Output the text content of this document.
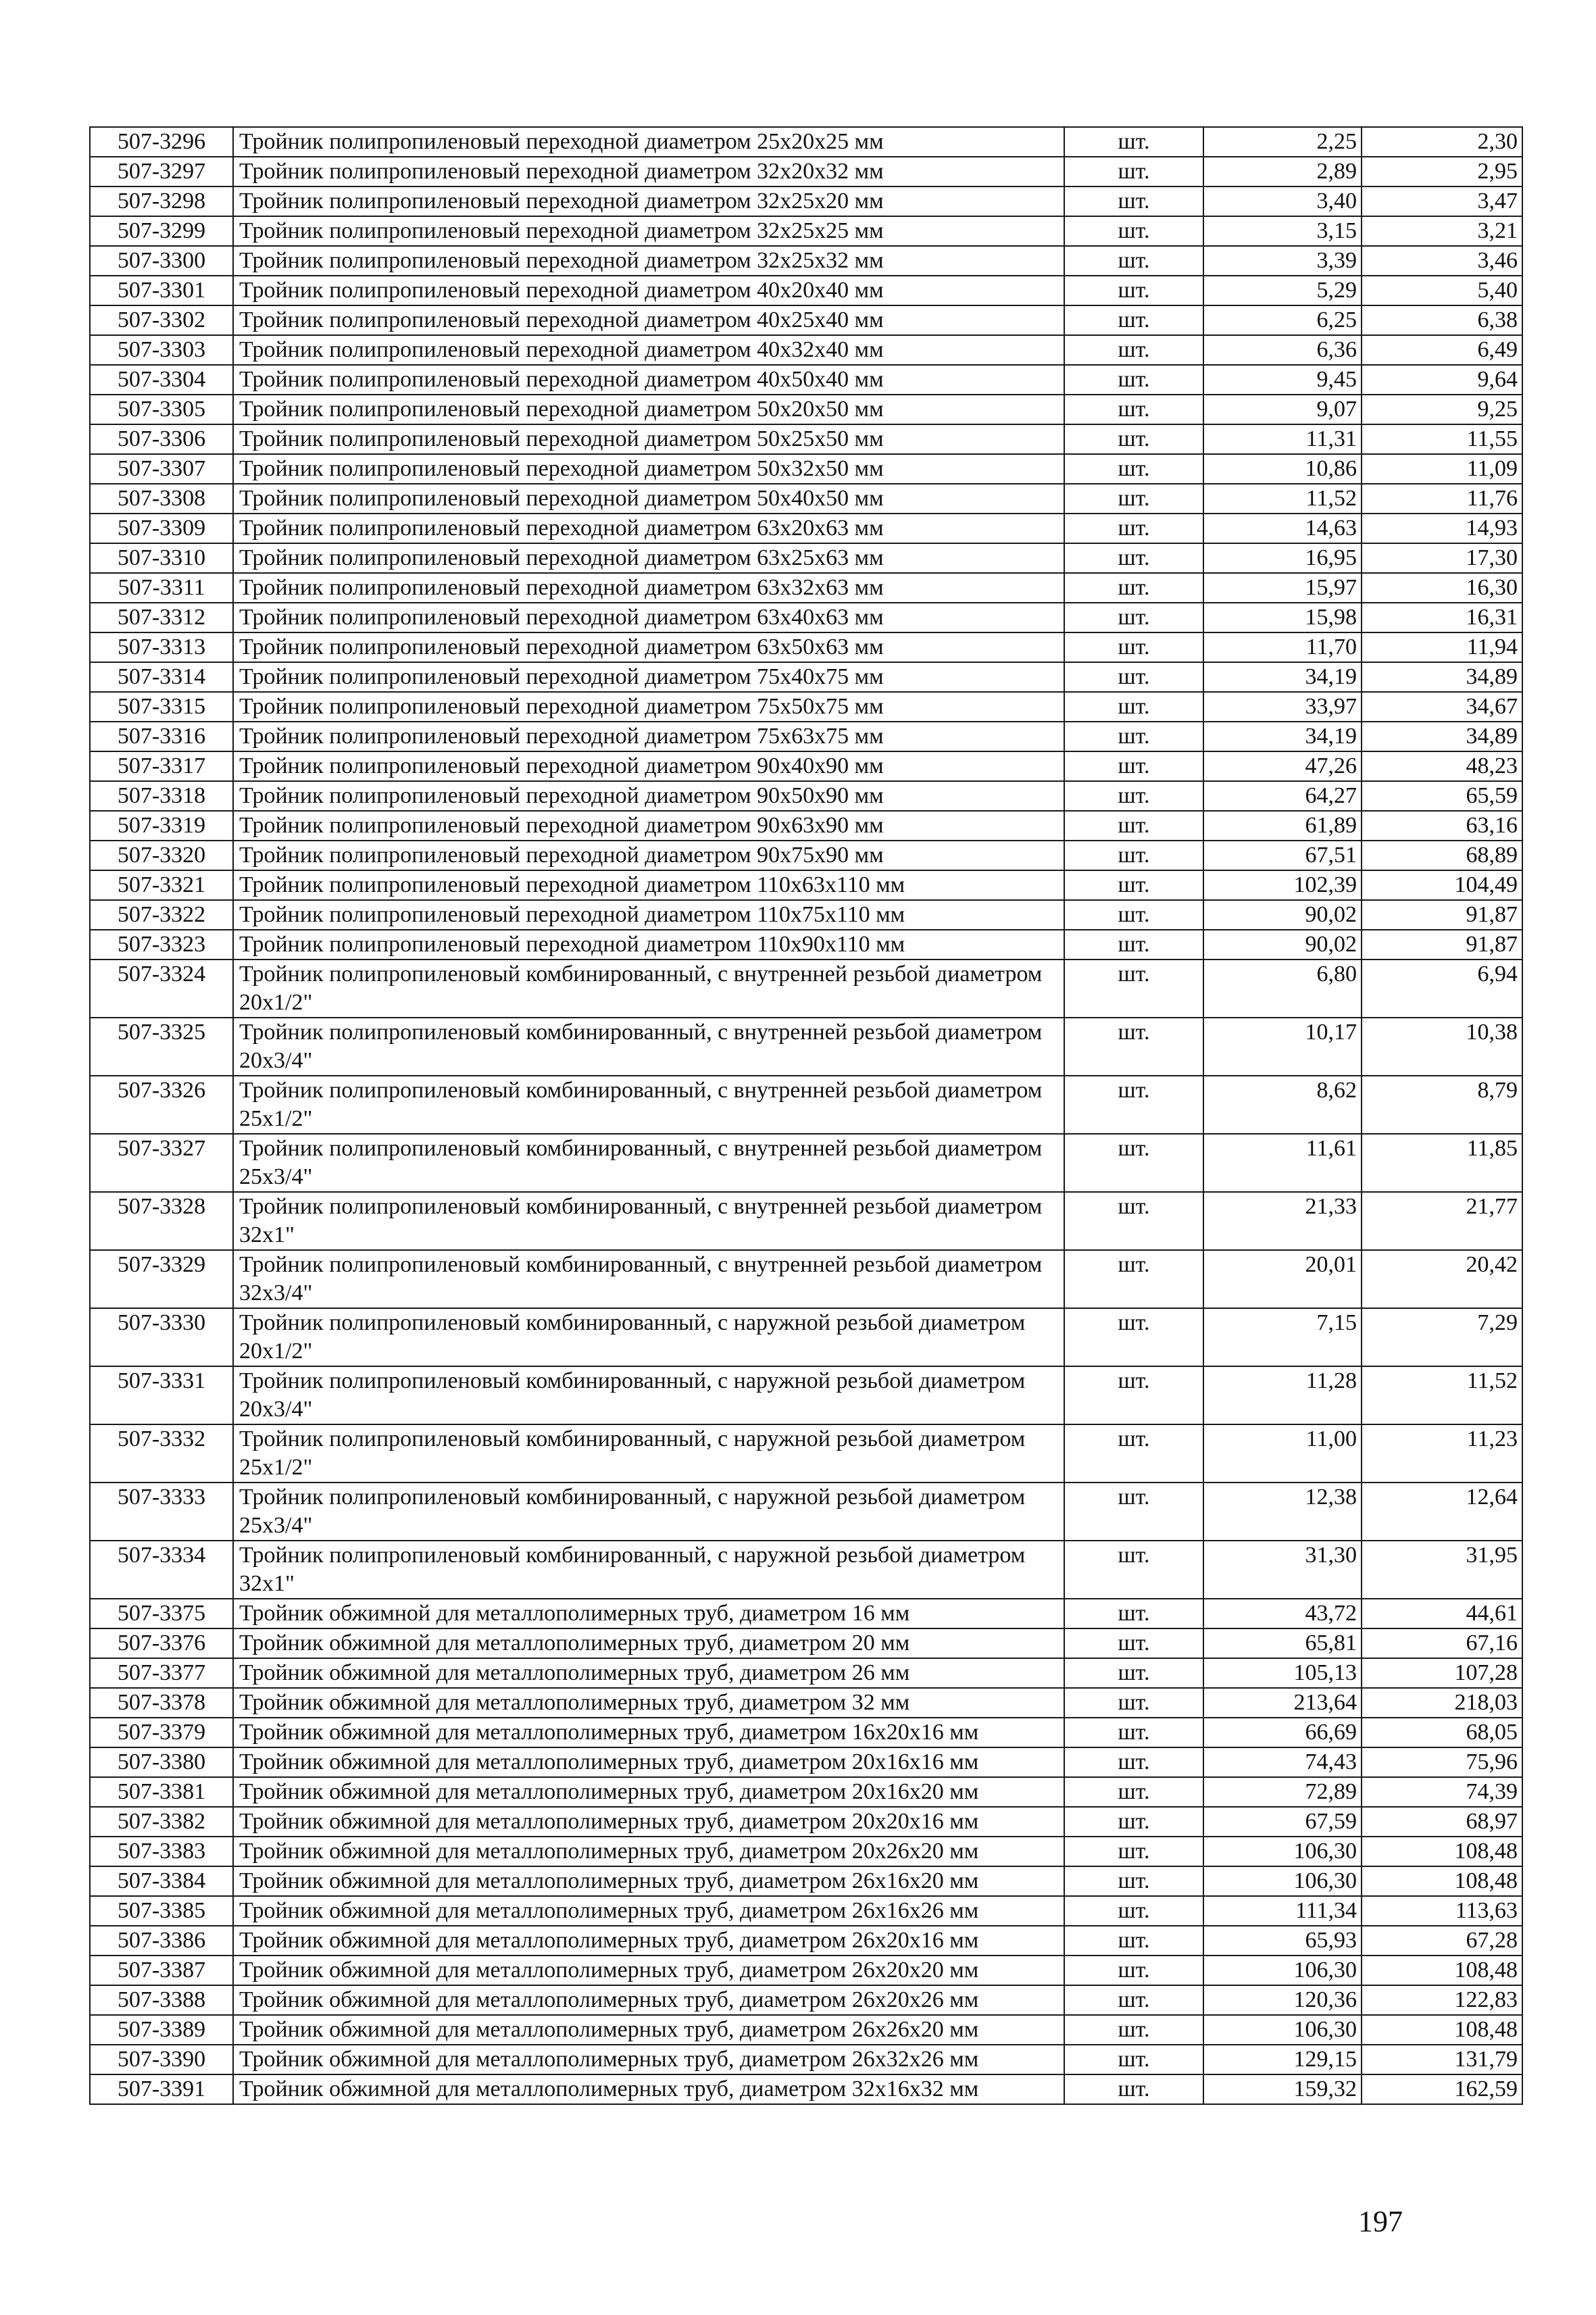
507-3296	Тройник полипропиленовый переходной диаметром 25х20х25 мм	шт.	2,25	2,30
507-3297	Тройник полипропиленовый переходной диаметром 32х20х32 мм	шт.	2,89	2,95
507-3298	Тройник полипропиленовый переходной диаметром 32х25х20 мм	шт.	3,40	3,47
507-3299	Тройник полипропиленовый переходной диаметром 32х25х25 мм	шт.	3,15	3,21
507-3300	Тройник полипропиленовый переходной диаметром 32х25х32 мм	шт.	3,39	3,46
507-3301	Тройник полипропиленовый переходной диаметром 40х20х40 мм	шт.	5,29	5,40
507-3302	Тройник полипропиленовый переходной диаметром 40х25х40 мм	шт.	6,25	6,38
507-3303	Тройник полипропиленовый переходной диаметром 40х32х40 мм	шт.	6,36	6,49
507-3304	Тройник полипропиленовый переходной диаметром 40х50х40 мм	шт.	9,45	9,64
507-3305	Тройник полипропиленовый переходной диаметром 50х20х50 мм	шт.	9,07	9,25
507-3306	Тройник полипропиленовый переходной диаметром 50х25х50 мм	шт.	11,31	11,55
507-3307	Тройник полипропиленовый переходной диаметром 50х32х50 мм	шт.	10,86	11,09
507-3308	Тройник полипропиленовый переходной диаметром 50х40х50 мм	шт.	11,52	11,76
507-3309	Тройник полипропиленовый переходной диаметром 63х20х63 мм	шт.	14,63	14,93
507-3310	Тройник полипропиленовый переходной диаметром 63х25х63 мм	шт.	16,95	17,30
507-3311	Тройник полипропиленовый переходной диаметром 63х32х63 мм	шт.	15,97	16,30
507-3312	Тройник полипропиленовый переходной диаметром 63х40х63 мм	шт.	15,98	16,31
507-3313	Тройник полипропиленовый переходной диаметром 63х50х63 мм	шт.	11,70	11,94
507-3314	Тройник полипропиленовый переходной диаметром 75х40х75 мм	шт.	34,19	34,89
507-3315	Тройник полипропиленовый переходной диаметром 75х50х75 мм	шт.	33,97	34,67
507-3316	Тройник полипропиленовый переходной диаметром 75х63х75 мм	шт.	34,19	34,89
507-3317	Тройник полипропиленовый переходной диаметром 90х40х90 мм	шт.	47,26	48,23
507-3318	Тройник полипропиленовый переходной диаметром 90х50х90 мм	шт.	64,27	65,59
507-3319	Тройник полипропиленовый переходной диаметром 90х63х90 мм	шт.	61,89	63,16
507-3320	Тройник полипропиленовый переходной диаметром 90х75х90 мм	шт.	67,51	68,89
507-3321	Тройник полипропиленовый переходной диаметром 110х63х110 мм	шт.	102,39	104,49
507-3322	Тройник полипропиленовый переходной диаметром 110х75х110 мм	шт.	90,02	91,87
507-3323	Тройник полипропиленовый переходной диаметром 110х90х110 мм	шт.	90,02	91,87
507-3324	Тройник полипропиленовый комбинированный, с внутренней резьбой диаметром 20х1/2"	шт.	6,80	6,94
507-3325	Тройник полипропиленовый комбинированный, с внутренней резьбой диаметром 20х3/4"	шт.	10,17	10,38
507-3326	Тройник полипропиленовый комбинированный, с внутренней резьбой диаметром 25х1/2"	шт.	8,62	8,79
507-3327	Тройник полипропиленовый комбинированный, с внутренней резьбой диаметром 25х3/4"	шт.	11,61	11,85
507-3328	Тройник полипропиленовый комбинированный, с внутренней резьбой диаметром 32х1"	шт.	21,33	21,77
507-3329	Тройник полипропиленовый комбинированный, с внутренней резьбой диаметром 32х3/4"	шт.	20,01	20,42
507-3330	Тройник полипропиленовый комбинированный, с наружной резьбой диаметром 20х1/2"	шт.	7,15	7,29
507-3331	Тройник полипропиленовый комбинированный, с наружной резьбой диаметром 20х3/4"	шт.	11,28	11,52
507-3332	Тройник полипропиленовый комбинированный, с наружной резьбой диаметром 25х1/2"	шт.	11,00	11,23
507-3333	Тройник полипропиленовый комбинированный, с наружной резьбой диаметром 25х3/4"	шт.	12,38	12,64
507-3334	Тройник полипропиленовый комбинированный, с наружной резьбой диаметром 32х1"	шт.	31,30	31,95
507-3375	Тройник обжимной для металлополимерных труб, диаметром 16 мм	шт.	43,72	44,61
507-3376	Тройник обжимной для металлополимерных труб, диаметром 20 мм	шт.	65,81	67,16
507-3377	Тройник обжимной для металлополимерных труб, диаметром 26 мм	шт.	105,13	107,28
507-3378	Тройник обжимной для металлополимерных труб, диаметром 32 мм	шт.	213,64	218,03
507-3379	Тройник обжимной для металлополимерных труб, диаметром 16х20х16 мм	шт.	66,69	68,05
507-3380	Тройник обжимной для металлополимерных труб, диаметром 20х16х16 мм	шт.	74,43	75,96
507-3381	Тройник обжимной для металлополимерных труб, диаметром 20х16х20 мм	шт.	72,89	74,39
507-3382	Тройник обжимной для металлополимерных труб, диаметром 20х20х16 мм	шт.	67,59	68,97
507-3383	Тройник обжимной для металлополимерных труб, диаметром 20х26х20 мм	шт.	106,30	108,48
507-3384	Тройник обжимной для металлополимерных труб, диаметром 26х16х20 мм	шт.	106,30	108,48
507-3385	Тройник обжимной для металлополимерных труб, диаметром 26х16х26 мм	шт.	111,34	113,63
507-3386	Тройник обжимной для металлополимерных труб, диаметром 26х20х16 мм	шт.	65,93	67,28
507-3387	Тройник обжимной для металлополимерных труб, диаметром 26х20х20 мм	шт.	106,30	108,48
507-3388	Тройник обжимной для металлополимерных труб, диаметром 26х20х26 мм	шт.	120,36	122,83
507-3389	Тройник обжимной для металлополимерных труб, диаметром 26х26х20 мм	шт.	106,30	108,48
507-3390	Тройник обжимной для металлополимерных труб, диаметром 26х32х26 мм	шт.	129,15	131,79
507-3391	Тройник обжимной для металлополимерных труб, диаметром 32х16х32 мм	шт.	159,32	162,59
197
